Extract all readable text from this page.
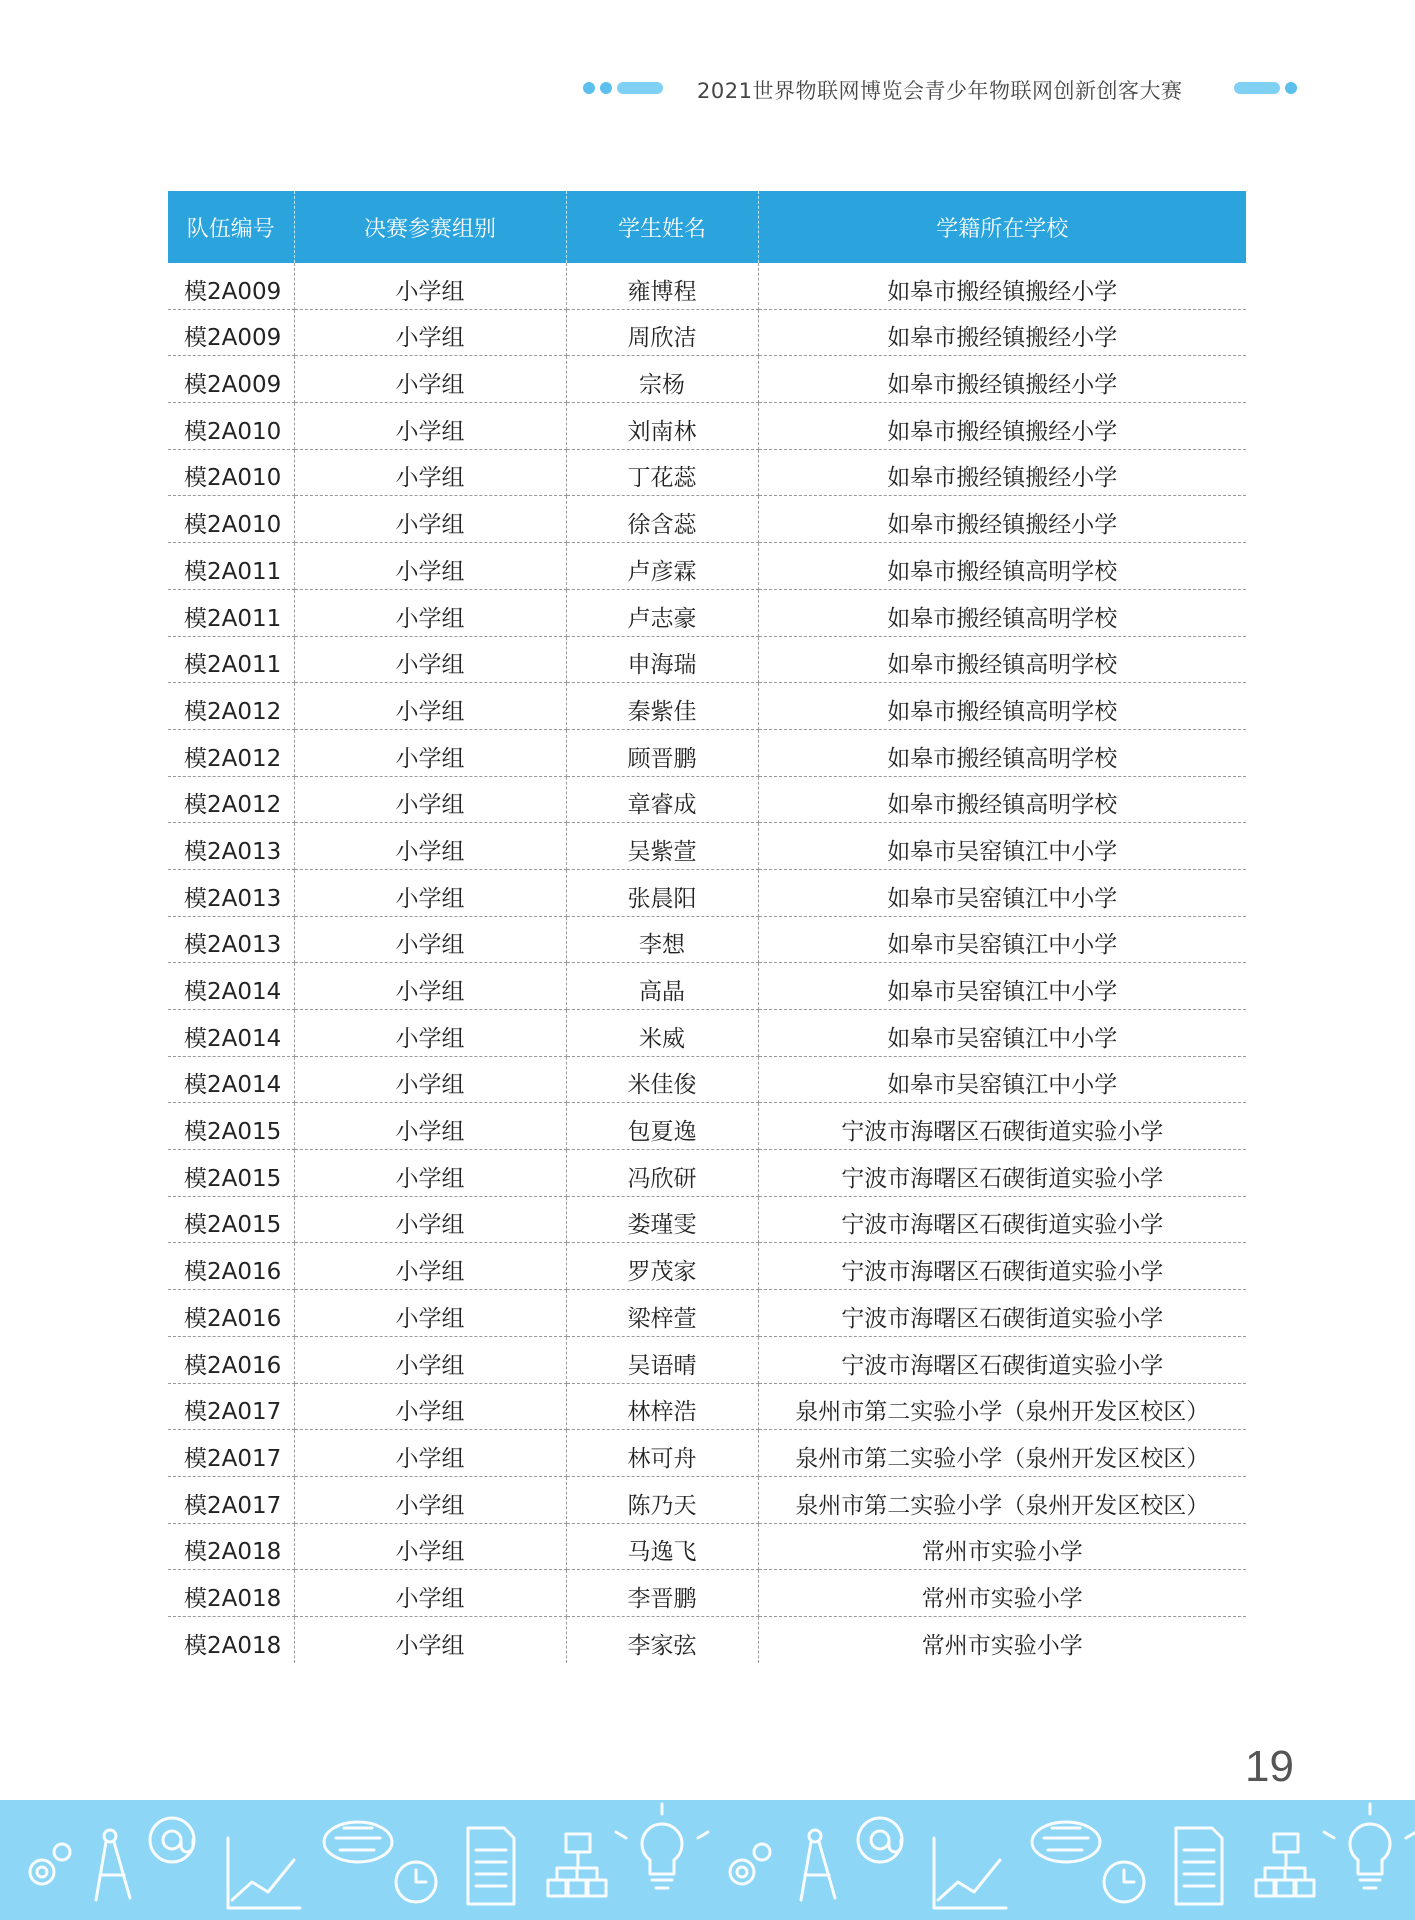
2021世界物联网博览会青少年物联网创新创客大赛
队伍编号	决赛参赛组别	学生姓名	学籍所在学校
模2A009	小学组	雍博程	如皋市搬经镇搬经小学
模2A009	小学组	周欣洁	如皋市搬经镇搬经小学
模2A009	小学组	宗杨	如皋市搬经镇搬经小学
模2A010	小学组	刘南林	如皋市搬经镇搬经小学
模2A010	小学组	丁花蕊	如皋市搬经镇搬经小学
模2A010	小学组	徐含蕊	如皋市搬经镇搬经小学
模2A011	小学组	卢彦霖	如皋市搬经镇高明学校
模2A011	小学组	卢志豪	如皋市搬经镇高明学校
模2A011	小学组	申海瑞	如皋市搬经镇高明学校
模2A012	小学组	秦紫佳	如皋市搬经镇高明学校
模2A012	小学组	顾晋鹏	如皋市搬经镇高明学校
模2A012	小学组	章睿成	如皋市搬经镇高明学校
模2A013	小学组	吴紫萱	如皋市吴窑镇江中小学
模2A013	小学组	张晨阳	如皋市吴窑镇江中小学
模2A013	小学组	李想	如皋市吴窑镇江中小学
模2A014	小学组	高晶	如皋市吴窑镇江中小学
模2A014	小学组	米威	如皋市吴窑镇江中小学
模2A014	小学组	米佳俊	如皋市吴窑镇江中小学
模2A015	小学组	包夏逸	宁波市海曙区石碶街道实验小学
模2A015	小学组	冯欣研	宁波市海曙区石碶街道实验小学
模2A015	小学组	娄瑾雯	宁波市海曙区石碶街道实验小学
模2A016	小学组	罗茂家	宁波市海曙区石碶街道实验小学
模2A016	小学组	梁梓萱	宁波市海曙区石碶街道实验小学
模2A016	小学组	吴语晴	宁波市海曙区石碶街道实验小学
模2A017	小学组	林梓浩	泉州市第二实验小学（泉州开发区校区）
模2A017	小学组	林可舟	泉州市第二实验小学（泉州开发区校区）
模2A017	小学组	陈乃天	泉州市第二实验小学（泉州开发区校区）
模2A018	小学组	马逸飞	常州市实验小学
模2A018	小学组	李晋鹏	常州市实验小学
模2A018	小学组	李家弦	常州市实验小学
19
